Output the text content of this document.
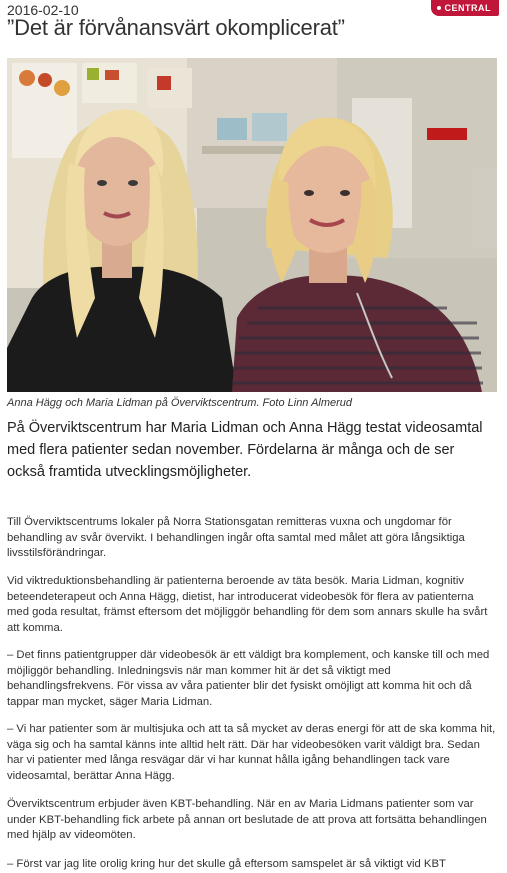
2016-02-10	CENTRAL
”Det är förvånansvärt okomplicerat”
Anna Hägg och Maria Lidman på Överviktscentrum. Foto Linn Almerud

På Överviktscentrum har Maria Lidman och Anna Hägg testat videosamtal med flera patienter sedan november. Fördelarna är många och de ser också framtida utvecklingsmöjligheter.

Till Överviktscentrums lokaler på Norra Stationsgatan remitteras vuxna och ungdomar för behandling av svår övervikt. I behandlingen ingår ofta samtal med målet att göra långsiktiga livsstilsförändringar.

Vid viktreduktionsbehandling är patienterna beroende av täta besök. Maria Lidman, kognitiv beteendeterapeut och Anna Hägg, dietist, har introducerat videobesök för flera av patienterna med goda resultat, främst eftersom det möjliggör behandling för dem som annars skulle ha svårt att komma.

– Det finns patientgrupper där videobesök är ett väldigt bra komplement, och kanske till och med möjliggör behandling. Inledningsvis när man kommer hit är det så viktigt med behandlingsfrekvens. För vissa av våra patienter blir det fysiskt omöjligt att komma hit och då tappar man mycket, säger Maria Lidman.

– Vi har patienter som är multisjuka och att ta så mycket av deras energi för att de ska komma hit, väga sig och ha samtal känns inte alltid helt rätt. Där har videobesöken varit väldigt bra. Sedan har vi patienter med långa resvägar där vi har kunnat hålla igång behandlingen tack vare videosamtal, berättar Anna Hägg.

Överviktscentrum erbjuder även KBT-behandling. När en av Maria Lidmans patienter som var under KBT-behandling fick arbete på annan ort beslutade de att prova att fortsätta behandlingen med hjälp av videomöten.

– Först var jag lite orolig kring hur det skulle gå eftersom samspelet är så viktigt vid KBT
